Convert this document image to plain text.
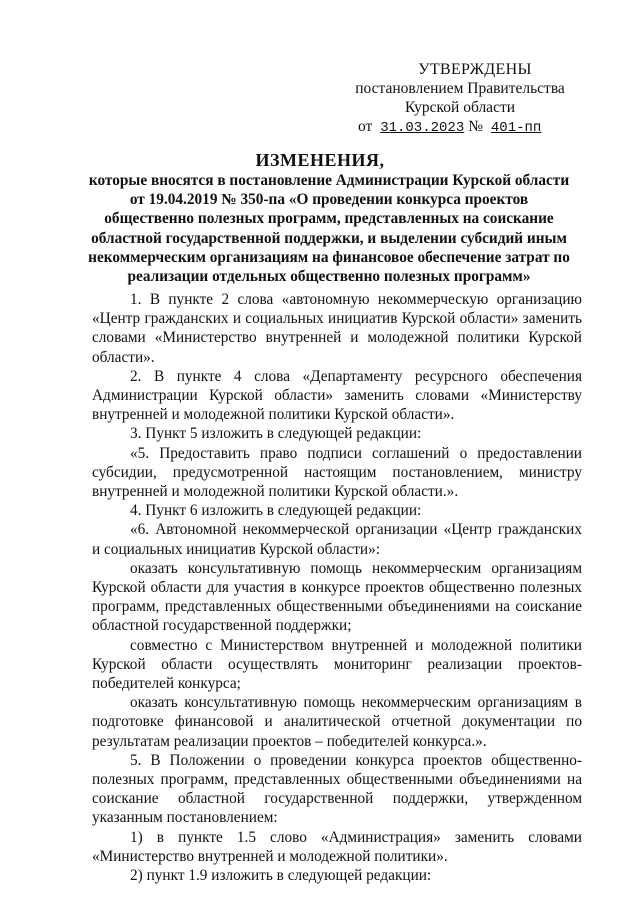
УТВЕРЖДЕНЫ
постановлением Правительства
Курской области
от 31.03.2023 № 401-пп
ИЗМЕНЕНИЯ,
которые вносятся в постановление Администрации Курской области от 19.04.2019 № 350-па «О проведении конкурса проектов общественно полезных программ, представленных на соискание областной государственной поддержки, и выделении субсидий иным некоммерческим организациям на финансовое обеспечение затрат по реализации отдельных общественно полезных программ»

1. В пункте 2 слова «автономную некоммерческую организацию «Центр гражданских и социальных инициатив Курской области» заменить словами «Министерство внутренней и молодежной политики Курской области».

2. В пункте 4 слова «Департаменту ресурсного обеспечения Администрации Курской области» заменить словами «Министерству внутренней и молодежной политики Курской области».

3. Пункт 5 изложить в следующей редакции:

«5. Предоставить право подписи соглашений о предоставлении субсидии, предусмотренной настоящим постановлением, министру внутренней и молодежной политики Курской области.».

4. Пункт 6 изложить в следующей редакции:

«6. Автономной некоммерческой организации «Центр гражданских и социальных инициатив Курской области»:

оказать консультативную помощь некоммерческим организациям Курской области для участия в конкурсе проектов общественно полезных программ, представленных общественными объединениями на соискание областной государственной поддержки;

совместно с Министерством внутренней и молодежной политики Курской области осуществлять мониторинг реализации проектов-победителей конкурса;

оказать консультативную помощь некоммерческим организациям в подготовке финансовой и аналитической отчетной документации по результатам реализации проектов – победителей конкурса.».

5. В Положении о проведении конкурса проектов общественно-полезных программ, представленных общественными объединениями на соискание областной государственной поддержки, утвержденном указанным постановлением:

1) в пункте 1.5 слово «Администрация» заменить словами «Министерство внутренней и молодежной политики».

2) пункт 1.9 изложить в следующей редакции:
